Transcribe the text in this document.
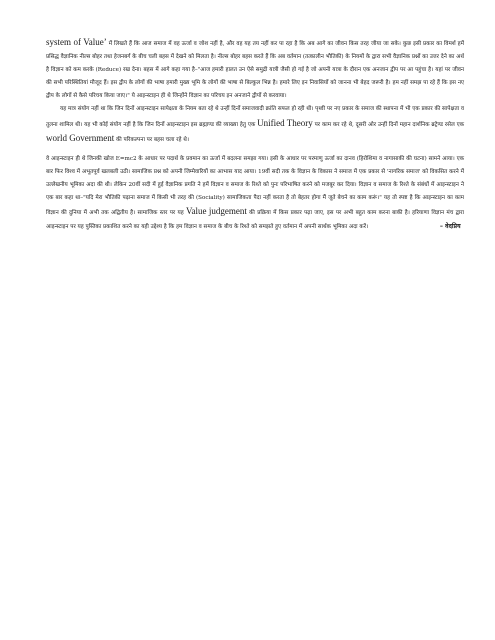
system of Value’ में लिखते हैं कि आज समाज में वह ऊर्जा व जोश नहीं है, और वह यह तय नहीं कर पा रहा है कि अब आगे का जीवन किस तरह जीया जा सके। कुछ इसी प्रकार का विमर्श हमें प्रसिद्ध वैज्ञानिक नील्स बोहर तथा हेजनबर्ग के बीच चली बहस में देखने को मिलता है। नील्स बोहर बहस करते हैं कि अब वर्तमान (तत्कालीन भौतिकी) के नियमों के द्वारा सभी वैज्ञानिक प्रश्नों का उत्तर देने का अर्थ है विज्ञान को कम करके (Reduce) रख देना। बहस में आगे कहा गया है–"आज हमारी हालत उन ऐसे समुद्री यात्री जैसी हो गई है जो अपनी यात्रा के दौरान एक अनजान द्वीप पर आ पहुंचा है। यहां पर जीवन की सभी परिस्थितियां मौजूद हैं। इस द्वीप के लोगों की भाषा हमारी मुख्य भूमि के लोगों की भाषा से बिल्कुल भिन्न है। हमारे लिए इन निवासियों को जानना भी बेहद जरूरी है। हम नहीं समझ पा रहे हैं कि इस नए द्वीप के लोगों से कैसे परिचय किया जाए।" ये आइन्स्टाइन ही थे जिन्होंने विज्ञान का परिचय इन अनजाने द्वीपों से करवाया।

यह मात्र संयोग नहीं था कि जिन दिनों आइन्स्टाइन सापेक्षता के नियम बता रहे थे उन्हीं दिनों समाजवादी क्रांति सफल हो रही थी। पृथ्वी पर नए प्रकार के समाज की स्थापना में भी एक प्रकार की सापेक्षता व तुलना शामिल थी। यह भी कोई संयोग नहीं है कि जिन दिनों आइन्स्टाइन इस ब्रह्माण्ड की व्याख्या हेतु एक Unified Theory पर काम कर रहे थे, दूसरी ओर उन्हीं दिनों महान दार्शनिक ब्रट्रेण्ड रसेल एक world Government की परिकल्पना पर बहस चला रहे थे।

वे आइन्स्टाइन ही थे जिनकी खोज E=mc2 के आधार पर पदार्थ के प्रवमान का ऊर्जा में बदलना समझा गया। इसी के आधार पर परमाणु ऊर्जा का दानव (हिरोशिमा व नागासाकी की घटना) सामने आया। एक बार फिर विश्व में अभूतपूर्व खलबली उठी। सामाजिक प्रश्न को अपनी जिम्मेवारियों का आभास याद आया। 19वीं सदी तक के विज्ञान के विकास ने समाज में एक प्रकार से 'नागरिक समाज' को विकसित करने में उल्लेखनीय भूमिका अदा की थी। लेकिन 20वीं सदी में हुई वैज्ञानिक प्रगति ने हमें विज्ञान व समाज के रिश्ते को पुनः परिभाषित करने को मजबूर कर दिया। विज्ञान व समाज के रिश्ते के संबंधों में आइन्स्टाइन ने एक बार कहा था–"यदि मेरा भौतिकी पढ़ाना समाज में किसी भी तरह की (Sociality) सामाजिकता पैदा नहीं करता है तो बेहतर होगा मैं जूते बेचने का काम करूं।" यह तो स्पष्ट है कि आइन्स्टाइन का काम विज्ञान की दुनिया में अभी तक अद्वितीय है। सामाजिक स्तर पर यह Value judgement की प्रक्रिया में किस प्रकार पढ़ा जाए, इस पर अभी बहुत काम करना बाकी है। हरियाणा विज्ञान मंच द्वारा आइन्स्टाइन पर यह पुस्तिका प्रकाशित करने का यही उद्देश्य है कि हम विज्ञान व समाज के बीच के रिश्ते को समझते हुए वर्तमान में अपनी सार्थक भूमिका अदा करें।	– वेदप्रिय
